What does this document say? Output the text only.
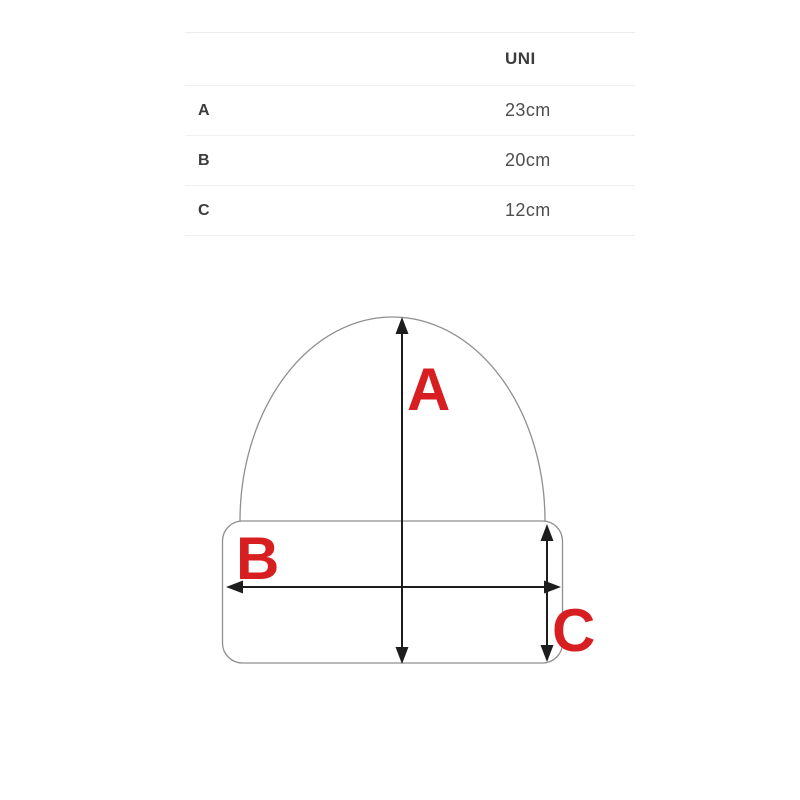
UNI
A	23cm
B	20cm
C	12cm
A
B
C
